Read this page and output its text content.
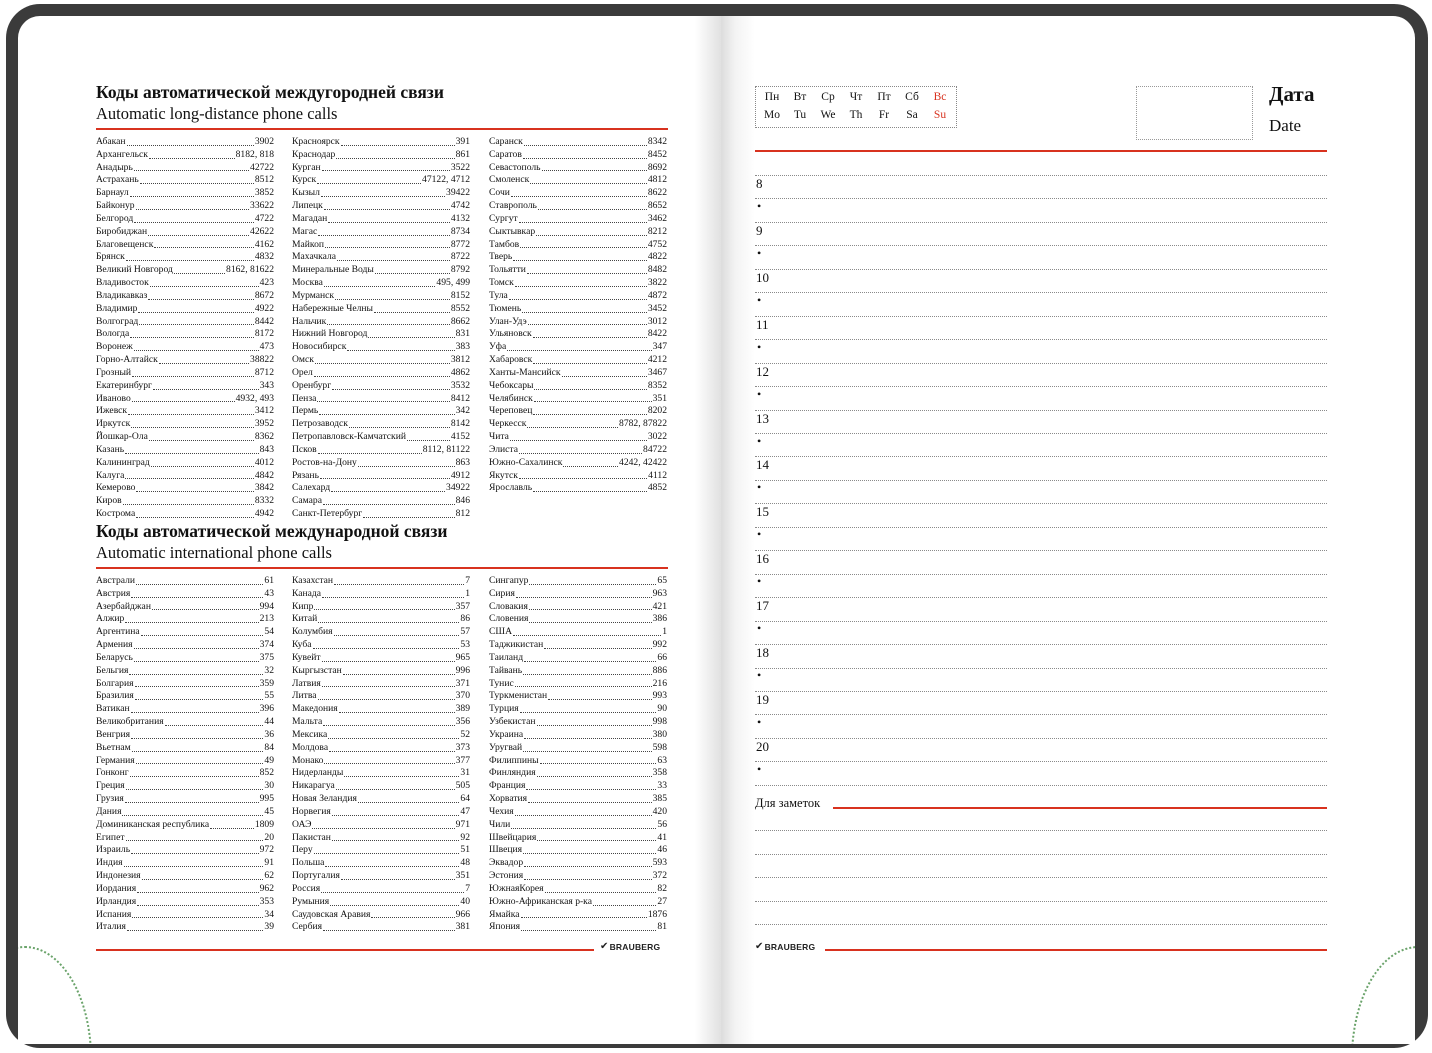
Коды автоматической междугородней связи
Automatic long-distance phone calls
Абакан	3902
Архангельск	8182, 818
Анадырь	42722
Астрахань	8512
Барнаул	3852
Байконур	33622
Белгород	4722
Биробиджан	42622
Благовещенск	4162
Брянск	4832
Великий Новгород	8162, 81622
Владивосток	423
Владикавказ	8672
Владимир	4922
Волгоград	8442
Вологда	8172
Воронеж	473
Горно-Алтайск	38822
Грозный	8712
Екатеринбург	343
Иваново	4932, 493
Ижевск	3412
Иркутск	3952
Йошкар-Ола	8362
Казань	843
Калининград	4012
Калуга	4842
Кемерово	3842
Киров	8332
Кострома	4942
Красноярск	391
Краснодар	861
Курган	3522
Курск	47122, 4712
Кызыл	39422
Липецк	4742
Магадан	4132
Магас	8734
Майкоп	8772
Махачкала	8722
Минеральные Воды	8792
Москва	495, 499
Мурманск	8152
Набережные Челны	8552
Нальчик	8662
Нижний Новгород	831
Новосибирск	383
Омск	3812
Орел	4862
Оренбург	3532
Пенза	8412
Пермь	342
Петрозаводск	8142
Петропавловск-Камчатский	4152
Псков	8112, 81122
Ростов-на-Дону	863
Рязань	4912
Салехард	34922
Самара	846
Санкт-Петербург	812
Саранск	8342
Саратов	8452
Севастополь	8692
Смоленск	4812
Сочи	8622
Ставрополь	8652
Сургут	3462
Сыктывкар	8212
Тамбов	4752
Тверь	4822
Тольятти	8482
Томск	3822
Тула	4872
Тюмень	3452
Улан-Удэ	3012
Ульяновск	8422
Уфа	347
Хабаровск	4212
Ханты-Мансийск	3467
Чебоксары	8352
Челябинск	351
Череповец	8202
Черкесск	8782, 87822
Чита	3022
Элиста	84722
Южно-Сахалинск	4242, 42422
Якутск	4112
Ярославль	4852
Коды автоматической международной связи
Automatic international phone calls
Австрали	61
Австрия	43
Азербайджан	994
Алжир	213
Аргентина	54
Армения	374
Беларусь	375
Бельгия	32
Болгария	359
Бразилия	55
Ватикан	396
Великобритания	44
Венгрия	36
Вьетнам	84
Германия	49
Гонконг	852
Греция	30
Грузия	995
Дания	45
Доминиканская республика	1809
Египет	20
Израиль	972
Индия	91
Индонезия	62
Иордания	962
Ирландия	353
Испания	34
Италия	39
Казахстан	7
Канада	1
Кипр	357
Китай	86
Колумбия	57
Куба	53
Кувейт	965
Кыргызстан	996
Латвия	371
Литва	370
Македония	389
Мальта	356
Мексика	52
Молдова	373
Монако	377
Нидерланды	31
Никарагуа	505
Новая Зеландия	64
Норвегия	47
ОАЭ	971
Пакистан	92
Перу	51
Польша	48
Португалия	351
Россия	7
Румыния	40
Саудовская Аравия	966
Сербия	381
Сингапур	65
Сирия	963
Словакия	421
Словения	386
США	1
Таджикистан	992
Таиланд	66
Тайвань	886
Тунис	216
Туркменистан	993
Турция	90
Узбекистан	998
Украина	380
Уругвай	598
Филиппины	63
Финляндия	358
Франция	33
Хорватия	385
Чехия	420
Чили	56
Швейцария	41
Швеция	46
Эквадор	593
Эстония	372
ЮжнаяКорея	82
Южно-Африканская р-ка	27
Ямайка	1876
Япония	81
✔ BRAUBERG
Пн	Вт	Ср	Чт	Пт	Сб	Вс
Mo	Tu	We	Th	Fr	Sa	Su
Дата
Date
8
•
9
•
10
•
11
•
12
•
13
•
14
•
15
•
16
•
17
•
18
•
19
•
20
•
Для заметок
✔ BRAUBERG
